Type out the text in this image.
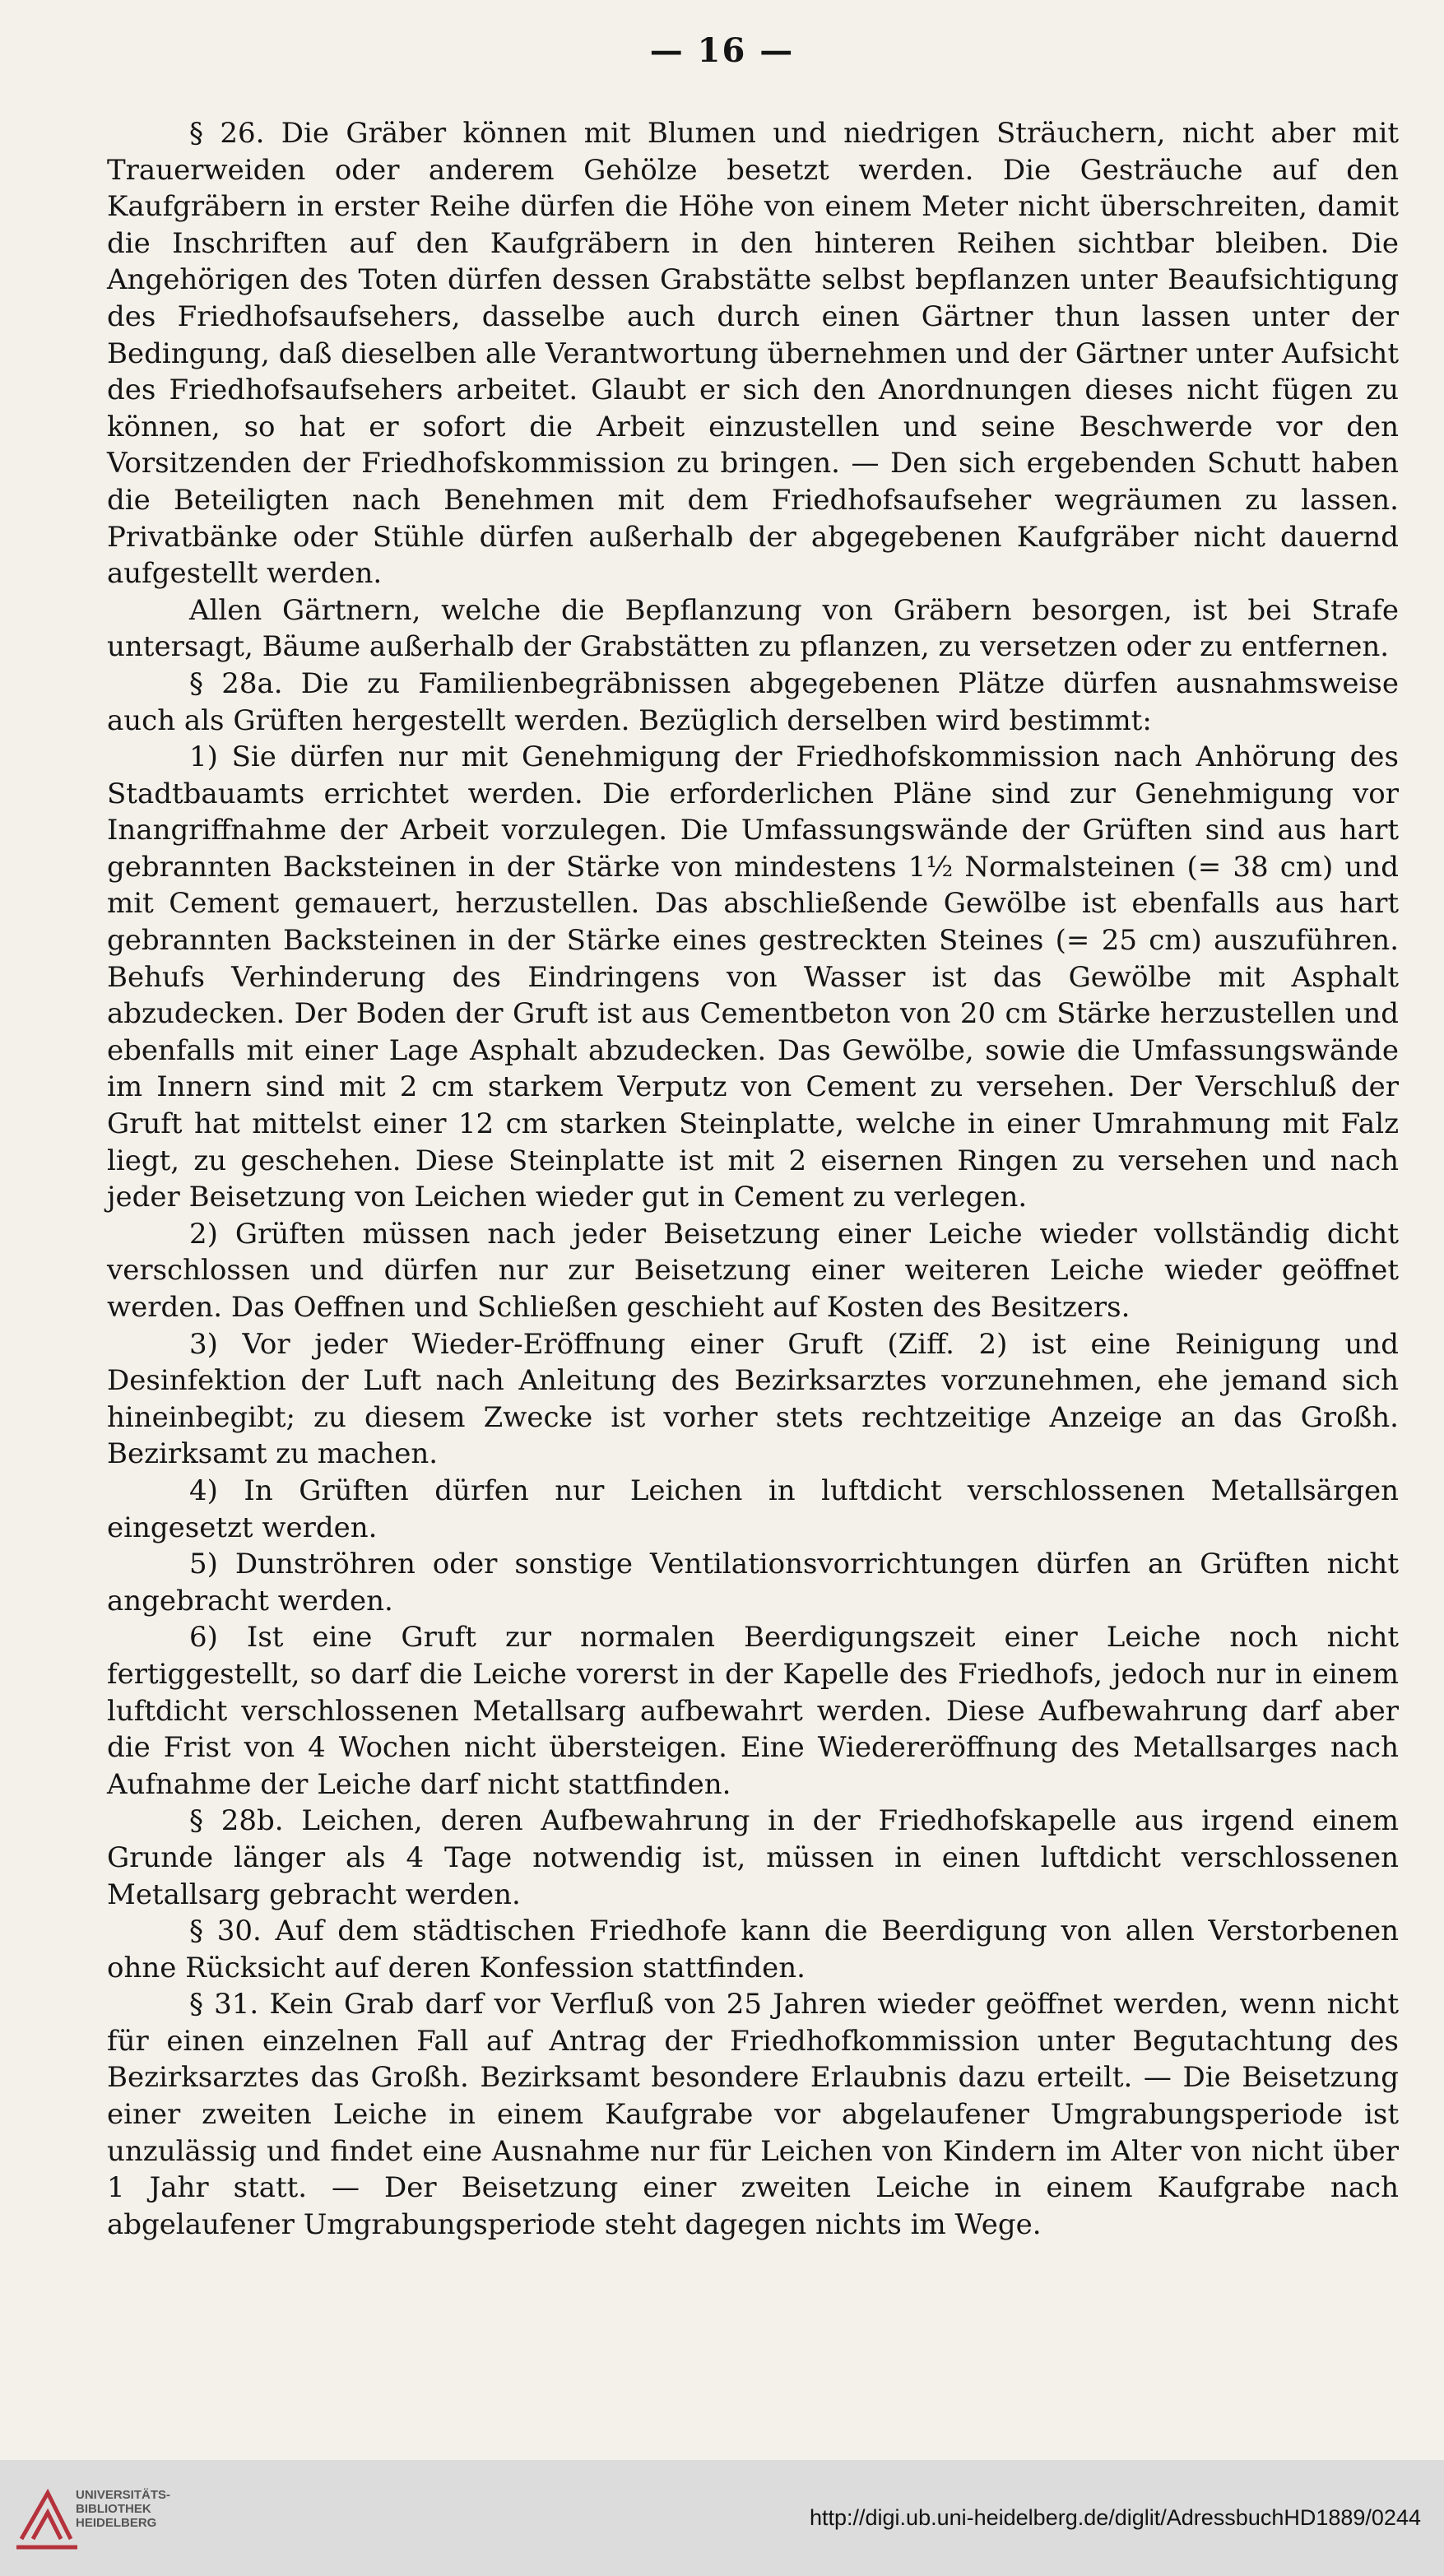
— 16 —

§ 26. Die Gräber können mit Blumen und niedrigen Sträuchern, nicht aber mit Trauerweiden oder anderem Gehölze besetzt werden. Die Gesträuche auf den Kaufgräbern in erster Reihe dürfen die Höhe von einem Meter nicht überschreiten, damit die Inschriften auf den Kaufgräbern in den hinteren Reihen sichtbar bleiben. Die Angehörigen des Toten dürfen dessen Grabstätte selbst bepflanzen unter Beaufsichtigung des Friedhofsaufsehers, dasselbe auch durch einen Gärtner thun lassen unter der Bedingung, daß dieselben alle Verantwortung übernehmen und der Gärtner unter Aufsicht des Friedhofsaufsehers arbeitet. Glaubt er sich den Anordnungen dieses nicht fügen zu können, so hat er sofort die Arbeit einzustellen und seine Beschwerde vor den Vorsitzenden der Friedhofskommission zu bringen. — Den sich ergebenden Schutt haben die Beteiligten nach Benehmen mit dem Friedhofsaufseher wegräumen zu lassen. Privatbänke oder Stühle dürfen außerhalb der abgegebenen Kaufgräber nicht dauernd aufgestellt werden.

Allen Gärtnern, welche die Bepflanzung von Gräbern besorgen, ist bei Strafe untersagt, Bäume außerhalb der Grabstätten zu pflanzen, zu versetzen oder zu entfernen.

§ 28a. Die zu Familienbegräbnissen abgegebenen Plätze dürfen ausnahmsweise auch als Grüften hergestellt werden. Bezüglich derselben wird bestimmt:

1) Sie dürfen nur mit Genehmigung der Friedhofskommission nach Anhörung des Stadtbauamts errichtet werden. Die erforderlichen Pläne sind zur Genehmigung vor Inangriffnahme der Arbeit vorzulegen. Die Umfassungswände der Grüften sind aus hart gebrannten Backsteinen in der Stärke von mindestens 1½ Normalsteinen (= 38 cm) und mit Cement gemauert, herzustellen. Das abschließende Gewölbe ist ebenfalls aus hart gebrannten Backsteinen in der Stärke eines gestreckten Steines (= 25 cm) auszuführen. Behufs Verhinderung des Eindringens von Wasser ist das Gewölbe mit Asphalt abzudecken. Der Boden der Gruft ist aus Cementbeton von 20 cm Stärke herzustellen und ebenfalls mit einer Lage Asphalt abzudecken. Das Gewölbe, sowie die Umfassungswände im Innern sind mit 2 cm starkem Verputz von Cement zu versehen. Der Verschluß der Gruft hat mittelst einer 12 cm starken Steinplatte, welche in einer Umrahmung mit Falz liegt, zu geschehen. Diese Steinplatte ist mit 2 eisernen Ringen zu versehen und nach jeder Beisetzung von Leichen wieder gut in Cement zu verlegen.

2) Grüften müssen nach jeder Beisetzung einer Leiche wieder vollständig dicht verschlossen und dürfen nur zur Beisetzung einer weiteren Leiche wieder geöffnet werden. Das Oeffnen und Schließen geschieht auf Kosten des Besitzers.

3) Vor jeder Wieder-Eröffnung einer Gruft (Ziff. 2) ist eine Reinigung und Desinfektion der Luft nach Anleitung des Bezirksarztes vorzunehmen, ehe jemand sich hineinbegibt; zu diesem Zwecke ist vorher stets rechtzeitige Anzeige an das Großh. Bezirksamt zu machen.

4) In Grüften dürfen nur Leichen in luftdicht verschlossenen Metallsärgen eingesetzt werden.

5) Dunströhren oder sonstige Ventilationsvorrichtungen dürfen an Grüften nicht angebracht werden.

6) Ist eine Gruft zur normalen Beerdigungszeit einer Leiche noch nicht fertiggestellt, so darf die Leiche vorerst in der Kapelle des Friedhofs, jedoch nur in einem luftdicht verschlossenen Metallsarg aufbewahrt werden. Diese Aufbewahrung darf aber die Frist von 4 Wochen nicht übersteigen. Eine Wiedereröffnung des Metallsarges nach Aufnahme der Leiche darf nicht stattfinden.

§ 28b. Leichen, deren Aufbewahrung in der Friedhofskapelle aus irgend einem Grunde länger als 4 Tage notwendig ist, müssen in einen luftdicht verschlossenen Metallsarg gebracht werden.

§ 30. Auf dem städtischen Friedhofe kann die Beerdigung von allen Verstorbenen ohne Rücksicht auf deren Konfession stattfinden.

§ 31. Kein Grab darf vor Verfluß von 25 Jahren wieder geöffnet werden, wenn nicht für einen einzelnen Fall auf Antrag der Friedhofkommission unter Begutachtung des Bezirksarztes das Großh. Bezirksamt besondere Erlaubnis dazu erteilt. — Die Beisetzung einer zweiten Leiche in einem Kaufgrabe vor abgelaufener Umgrabungsperiode ist unzulässig und findet eine Ausnahme nur für Leichen von Kindern im Alter von nicht über 1 Jahr statt. — Der Beisetzung einer zweiten Leiche in einem Kaufgrabe nach abgelaufener Umgrabungsperiode steht dagegen nichts im Wege.

UNIVERSITÄTS-
BIBLIOTHEK
HEIDELBERG	http://digi.ub.uni-heidelberg.de/diglit/AdressbuchHD1889/0244
